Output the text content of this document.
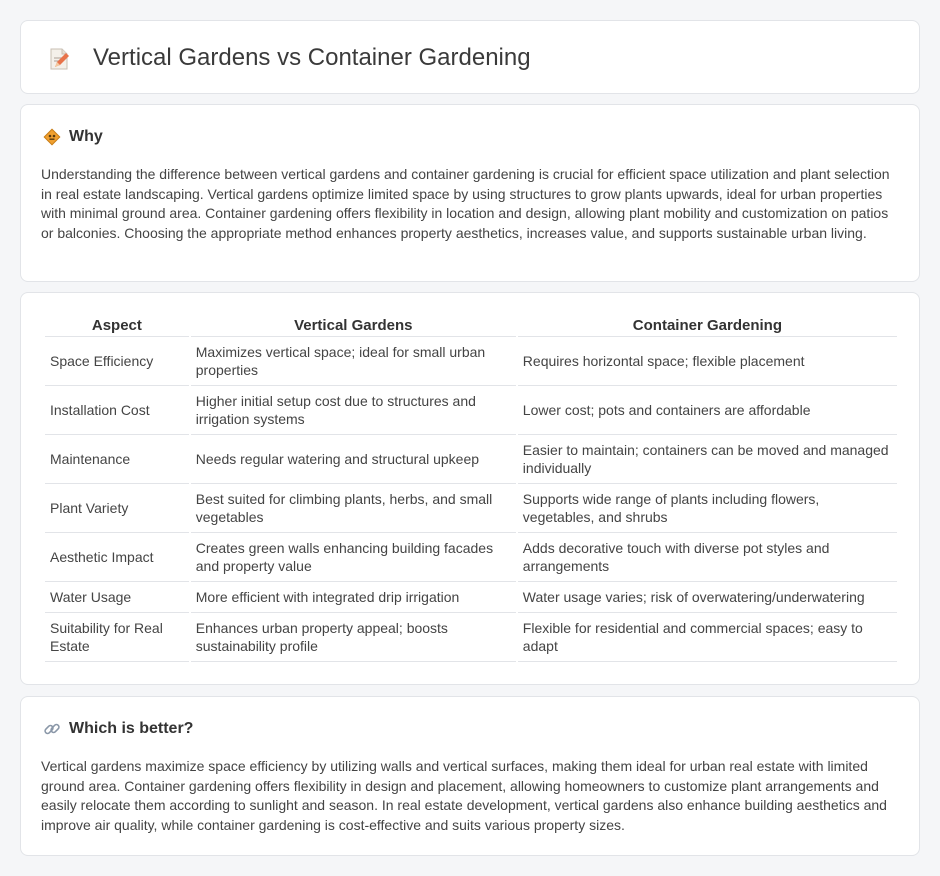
Vertical Gardens vs Container Gardening
Why

Understanding the difference between vertical gardens and container gardening is crucial for efficient space utilization and plant selection in real estate landscaping. Vertical gardens optimize limited space by using structures to grow plants upwards, ideal for urban properties with minimal ground area. Container gardening offers flexibility in location and design, allowing plant mobility and customization on patios or balconies. Choosing the appropriate method enhances property aesthetics, increases value, and supports sustainable urban living.

Aspect	Vertical Gardens	Container Gardening
Space Efficiency	Maximizes vertical space; ideal for small urban properties	Requires horizontal space; flexible placement
Installation Cost	Higher initial setup cost due to structures and irrigation systems	Lower cost; pots and containers are affordable
Maintenance	Needs regular watering and structural upkeep	Easier to maintain; containers can be moved and managed individually
Plant Variety	Best suited for climbing plants, herbs, and small vegetables	Supports wide range of plants including flowers, vegetables, and shrubs
Aesthetic Impact	Creates green walls enhancing building facades and property value	Adds decorative touch with diverse pot styles and arrangements
Water Usage	More efficient with integrated drip irrigation	Water usage varies; risk of overwatering/underwatering
Suitability for Real Estate	Enhances urban property appeal; boosts sustainability profile	Flexible for residential and commercial spaces; easy to adapt
Which is better?

Vertical gardens maximize space efficiency by utilizing walls and vertical surfaces, making them ideal for urban real estate with limited ground area. Container gardening offers flexibility in design and placement, allowing homeowners to customize plant arrangements and easily relocate them according to sunlight and season. In real estate development, vertical gardens also enhance building aesthetics and improve air quality, while container gardening is cost-effective and suits various property sizes.
